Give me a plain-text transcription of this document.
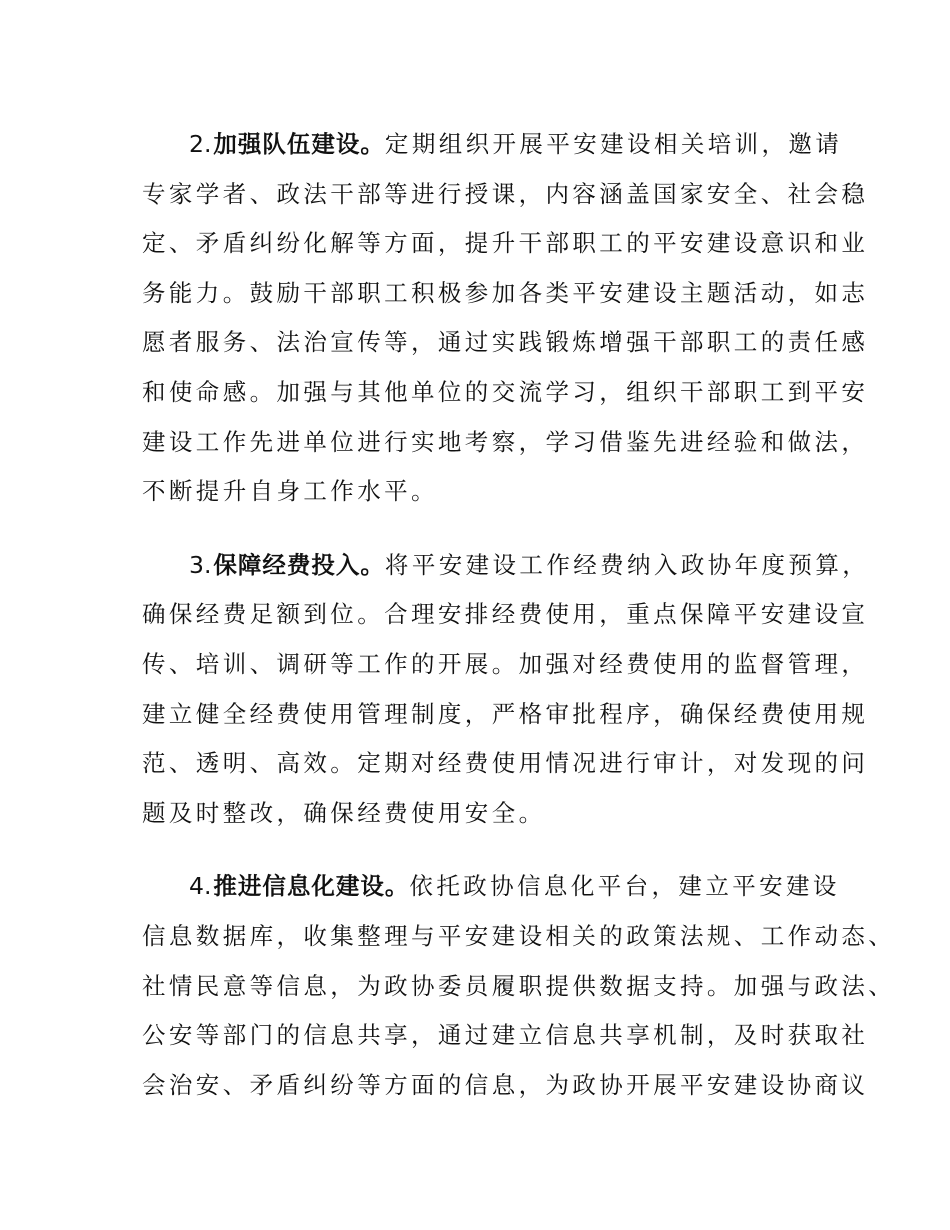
2.加强队伍建设。定期组织开展平安建设相关培训，邀请
专家学者、政法干部等进行授课，内容涵盖国家安全、社会稳
定、矛盾纠纷化解等方面，提升干部职工的平安建设意识和业
务能力。鼓励干部职工积极参加各类平安建设主题活动，如志
愿者服务、法治宣传等，通过实践锻炼增强干部职工的责任感
和使命感。加强与其他单位的交流学习，组织干部职工到平安
建设工作先进单位进行实地考察，学习借鉴先进经验和做法，
不断提升自身工作水平。

3.保障经费投入。将平安建设工作经费纳入政协年度预算，
确保经费足额到位。合理安排经费使用，重点保障平安建设宣
传、培训、调研等工作的开展。加强对经费使用的监督管理，
建立健全经费使用管理制度，严格审批程序，确保经费使用规
范、透明、高效。定期对经费使用情况进行审计，对发现的问
题及时整改，确保经费使用安全。

4.推进信息化建设。依托政协信息化平台，建立平安建设
信息数据库，收集整理与平安建设相关的政策法规、工作动态、
社情民意等信息，为政协委员履职提供数据支持。加强与政法、
公安等部门的信息共享，通过建立信息共享机制，及时获取社
会治安、矛盾纠纷等方面的信息，为政协开展平安建设协商议
